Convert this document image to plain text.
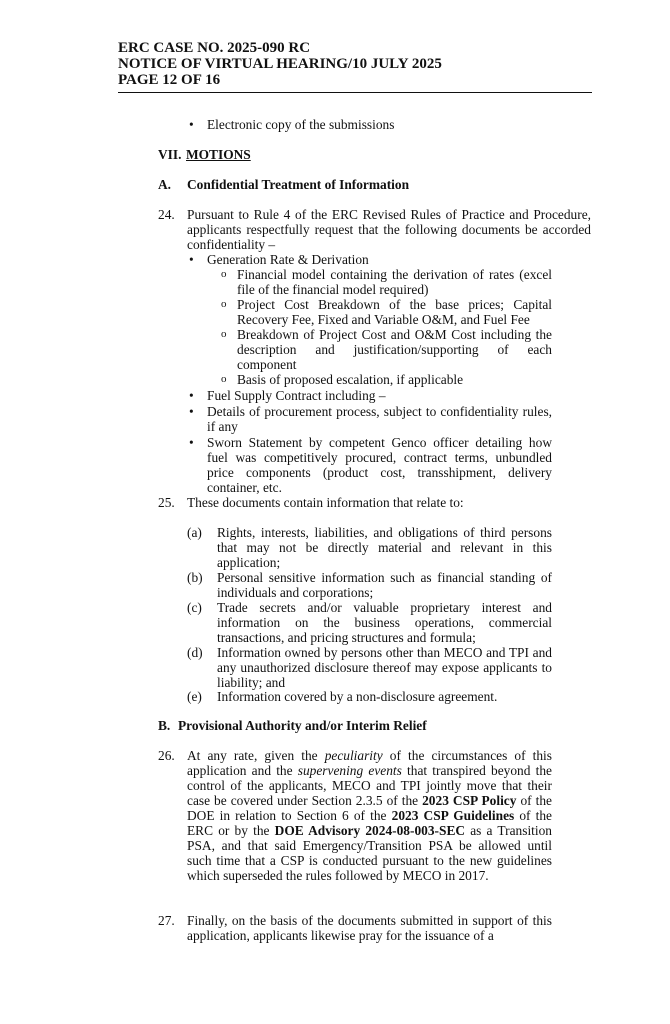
ERC CASE NO. 2025-090 RC
NOTICE OF VIRTUAL HEARING/10 JULY 2025
PAGE 12 OF 16
• Electronic copy of the submissions
VII. MOTIONS
A. Confidential Treatment of Information
24. Pursuant to Rule 4 of the ERC Revised Rules of Practice and Procedure, applicants respectfully request that the following documents be accorded confidentiality –
• Generation Rate & Derivation
o Financial model containing the derivation of rates (excel file of the financial model required)
o Project Cost Breakdown of the base prices; Capital Recovery Fee, Fixed and Variable O&M, and Fuel Fee
o Breakdown of Project Cost and O&M Cost including the description and justification/supporting of each component
o Basis of proposed escalation, if applicable
• Fuel Supply Contract including –
• Details of procurement process, subject to confidentiality rules, if any
• Sworn Statement by competent Genco officer detailing how fuel was competitively procured, contract terms, unbundled price components (product cost, transshipment, delivery container, etc.
25. These documents contain information that relate to:
(a) Rights, interests, liabilities, and obligations of third persons that may not be directly material and relevant in this application;
(b) Personal sensitive information such as financial standing of individuals and corporations;
(c) Trade secrets and/or valuable proprietary interest and information on the business operations, commercial transactions, and pricing structures and formula;
(d) Information owned by persons other than MECO and TPI and any unauthorized disclosure thereof may expose applicants to liability; and
(e) Information covered by a non-disclosure agreement.
B. Provisional Authority and/or Interim Relief
26. At any rate, given the peculiarity of the circumstances of this application and the supervening events that transpired beyond the control of the applicants, MECO and TPI jointly move that their case be covered under Section 2.3.5 of the 2023 CSP Policy of the DOE in relation to Section 6 of the 2023 CSP Guidelines of the ERC or by the DOE Advisory 2024-08-003-SEC as a Transition PSA, and that said Emergency/Transition PSA be allowed until such time that a CSP is conducted pursuant to the new guidelines which superseded the rules followed by MECO in 2017.
27. Finally, on the basis of the documents submitted in support of this application, applicants likewise pray for the issuance of a
